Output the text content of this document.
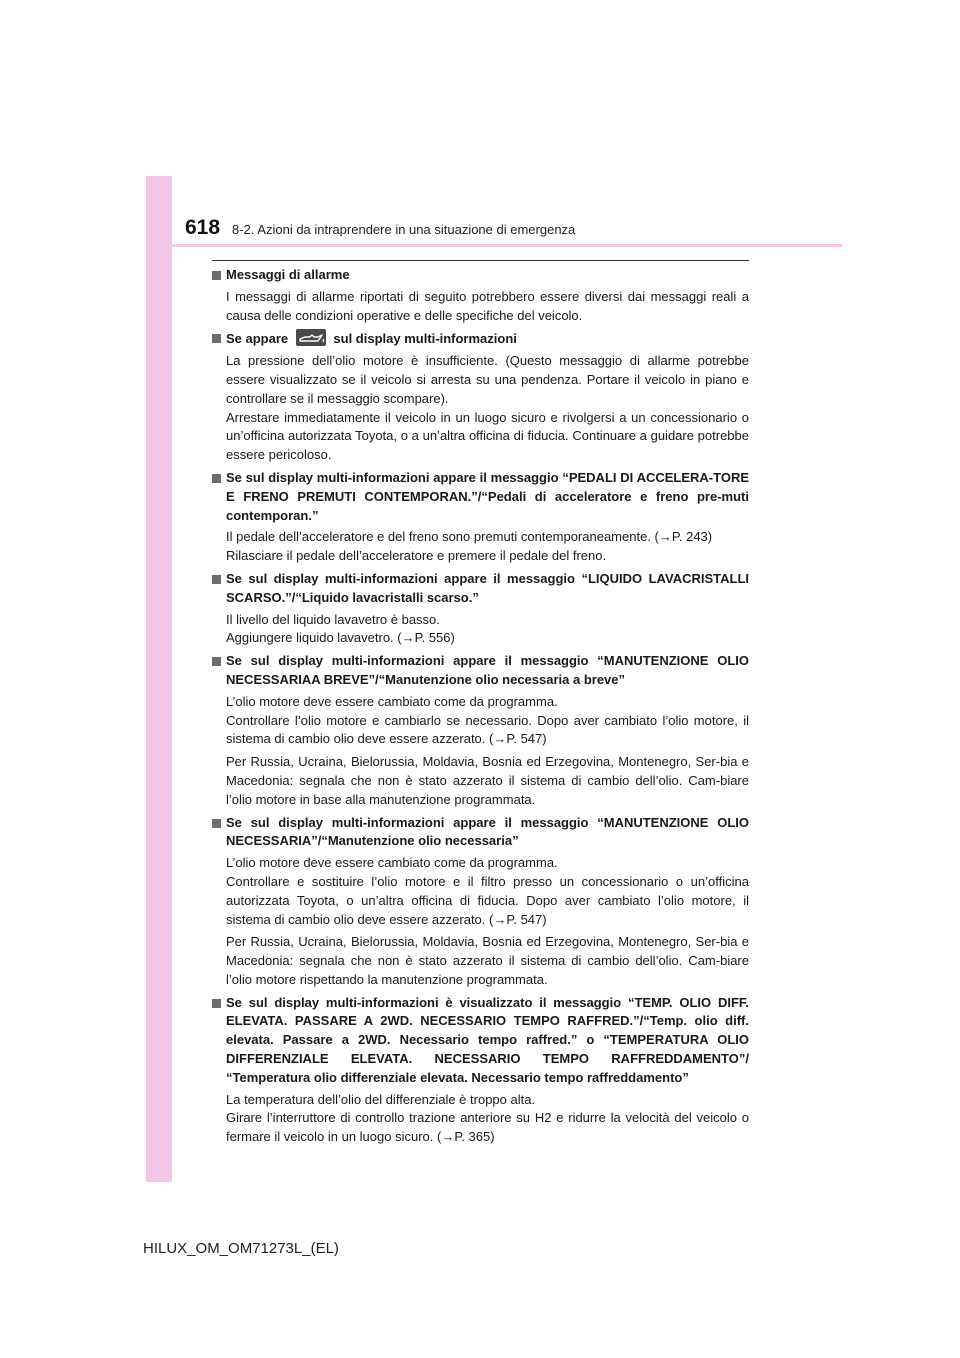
618 8-2. Azioni da intraprendere in una situazione di emergenza
Messaggi di allarme
I messaggi di allarme riportati di seguito potrebbero essere diversi dai messaggi reali a causa delle condizioni operative e delle specifiche del veicolo.
Se appare	sul display multi-informazioni
La pressione dell’olio motore è insufficiente. (Questo messaggio di allarme potrebbe essere visualizzato se il veicolo si arresta su una pendenza. Portare il veicolo in piano e controllare se il messaggio scompare).
Arrestare immediatamente il veicolo in un luogo sicuro e rivolgersi a un concessionario o un’officina autorizzata Toyota, o a un’altra officina di fiducia. Continuare a guidare potrebbe essere pericoloso.
Se sul display multi-informazioni appare il messaggio “PEDALI DI ACCELERA-TORE E FRENO PREMUTI CONTEMPORAN.”/“Pedali di acceleratore e freno pre-muti contemporan.”
Il pedale dell’acceleratore e del freno sono premuti contemporaneamente. (→P. 243)
Rilasciare il pedale dell’acceleratore e premere il pedale del freno.
Se sul display multi-informazioni appare il messaggio “LIQUIDO LAVACRISTALLI SCARSO.”/“Liquido lavacristalli scarso.”
Il livello del liquido lavavetro è basso.
Aggiungere liquido lavavetro. (→P. 556)
Se sul display multi-informazioni appare il messaggio “MANUTENZIONE OLIO NECESSARIAA BREVE”/“Manutenzione olio necessaria a breve”
L’olio motore deve essere cambiato come da programma.
Controllare l’olio motore e cambiarlo se necessario. Dopo aver cambiato l’olio motore, il sistema di cambio olio deve essere azzerato. (→P. 547)
Per Russia, Ucraina, Bielorussia, Moldavia, Bosnia ed Erzegovina, Montenegro, Ser-bia e Macedonia: segnala che non è stato azzerato il sistema di cambio dell’olio. Cam-biare l’olio motore in base alla manutenzione programmata.
Se sul display multi-informazioni appare il messaggio “MANUTENZIONE OLIO NECESSARIA”/“Manutenzione olio necessaria”
L’olio motore deve essere cambiato come da programma.
Controllare e sostituire l’olio motore e il filtro presso un concessionario o un’officina autorizzata Toyota, o un’altra officina di fiducia. Dopo aver cambiato l’olio motore, il sistema di cambio olio deve essere azzerato. (→P. 547)
Per Russia, Ucraina, Bielorussia, Moldavia, Bosnia ed Erzegovina, Montenegro, Ser-bia e Macedonia: segnala che non è stato azzerato il sistema di cambio dell’olio. Cam-biare l’olio motore rispettando la manutenzione programmata.
Se sul display multi-informazioni è visualizzato il messaggio “TEMP. OLIO DIFF. ELEVATA. PASSARE A 2WD. NECESSARIO TEMPO RAFFRED.”/“Temp. olio diff. elevata. Passare a 2WD. Necessario tempo raffred.” o “TEMPERATURA OLIO DIFFERENZIALE ELEVATA. NECESSARIO TEMPO RAFFREDDAMENTO”/ “Temperatura olio differenziale elevata. Necessario tempo raffreddamento”
La temperatura dell’olio del differenziale è troppo alta.
Girare l’interruttore di controllo trazione anteriore su H2 e ridurre la velocità del veicolo o fermare il veicolo in un luogo sicuro. (→P. 365)
HILUX_OM_OM71273L_(EL)
